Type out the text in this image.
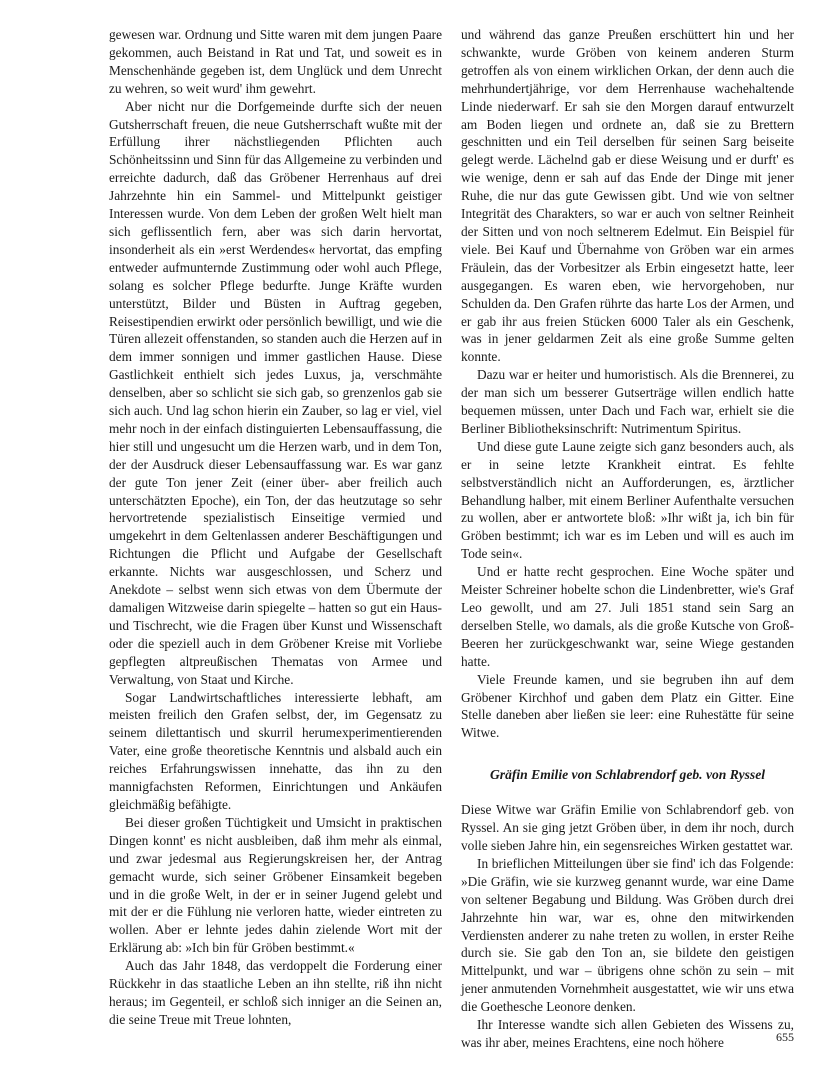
gewesen war. Ordnung und Sitte waren mit dem jungen Paare gekommen, auch Beistand in Rat und Tat, und soweit es in Menschenhände gegeben ist, dem Unglück und dem Unrecht zu wehren, so weit wurd' ihm gewehrt.

Aber nicht nur die Dorfgemeinde durfte sich der neuen Gutsherrschaft freuen, die neue Gutsherrschaft wußte mit der Erfüllung ihrer nächstliegenden Pflichten auch Schönheitssinn und Sinn für das Allgemeine zu verbinden und erreichte dadurch, daß das Gröbener Herrenhaus auf drei Jahrzehnte hin ein Sammel- und Mittelpunkt geistiger Interessen wurde. Von dem Leben der großen Welt hielt man sich geflissentlich fern, aber was sich darin hervortat, insonderheit als ein »erst Werdendes« hervortat, das empfing entweder aufmunternde Zustimmung oder wohl auch Pflege, solang es solcher Pflege bedurfte. Junge Kräfte wurden unterstützt, Bilder und Büsten in Auftrag gegeben, Reisestipendien erwirkt oder persönlich bewilligt, und wie die Türen allezeit offenstanden, so standen auch die Herzen auf in dem immer sonnigen und immer gastlichen Hause. Diese Gastlichkeit enthielt sich jedes Luxus, ja, verschmähte denselben, aber so schlicht sie sich gab, so grenzenlos gab sie sich auch. Und lag schon hierin ein Zauber, so lag er viel, viel mehr noch in der einfach distinguierten Lebensauffassung, die hier still und ungesucht um die Herzen warb, und in dem Ton, der der Ausdruck dieser Lebensauffassung war. Es war ganz der gute Ton jener Zeit (einer über- aber freilich auch unterschätzten Epoche), ein Ton, der das heutzutage so sehr hervortretende spezialistisch Einseitige vermied und umgekehrt in dem Geltenlassen anderer Beschäftigungen und Richtungen die Pflicht und Aufgabe der Gesellschaft erkannte. Nichts war ausgeschlossen, und Scherz und Anekdote – selbst wenn sich etwas von dem Übermute der damaligen Witzweise darin spiegelte – hatten so gut ein Haus- und Tischrecht, wie die Fragen über Kunst und Wissenschaft oder die speziell auch in dem Gröbener Kreise mit Vorliebe gepflegten altpreußischen Thematas von Armee und Verwaltung, von Staat und Kirche.

Sogar Landwirtschaftliches interessierte lebhaft, am meisten freilich den Grafen selbst, der, im Gegensatz zu seinem dilettantisch und skurril herumexperimentierenden Vater, eine große theoretische Kenntnis und alsbald auch ein reiches Erfahrungswissen innehatte, das ihn zu den mannigfachsten Reformen, Einrichtungen und Ankäufen gleichmäßig befähigte.

Bei dieser großen Tüchtigkeit und Umsicht in praktischen Dingen konnt' es nicht ausbleiben, daß ihm mehr als einmal, und zwar jedesmal aus Regierungskreisen her, der Antrag gemacht wurde, sich seiner Gröbener Einsamkeit begeben und in die große Welt, in der er in seiner Jugend gelebt und mit der er die Fühlung nie verloren hatte, wieder eintreten zu wollen. Aber er lehnte jedes dahin zielende Wort mit der Erklärung ab: »Ich bin für Gröben bestimmt.«

Auch das Jahr 1848, das verdoppelt die Forderung einer Rückkehr in das staatliche Leben an ihn stellte, riß ihn nicht heraus; im Gegenteil, er schloß sich inniger an die Seinen an, die seine Treue mit Treue lohnten,

und während das ganze Preußen erschüttert hin und her schwankte, wurde Gröben von keinem anderen Sturm getroffen als von einem wirklichen Orkan, der denn auch die mehrhundertjährige, vor dem Herrenhause wachehaltende Linde niederwarf. Er sah sie den Morgen darauf entwurzelt am Boden liegen und ordnete an, daß sie zu Brettern geschnitten und ein Teil derselben für seinen Sarg beiseite gelegt werde. Lächelnd gab er diese Weisung und er durft' es wie wenige, denn er sah auf das Ende der Dinge mit jener Ruhe, die nur das gute Gewissen gibt. Und wie von seltner Integrität des Charakters, so war er auch von seltner Reinheit der Sitten und von noch seltnerem Edelmut. Ein Beispiel für viele. Bei Kauf und Übernahme von Gröben war ein armes Fräulein, das der Vorbesitzer als Erbin eingesetzt hatte, leer ausgegangen. Es waren eben, wie hervorgehoben, nur Schulden da. Den Grafen rührte das harte Los der Armen, und er gab ihr aus freien Stücken 6000 Taler als ein Geschenk, was in jener geldarmen Zeit als eine große Summe gelten konnte.

Dazu war er heiter und humoristisch. Als die Brennerei, zu der man sich um besserer Gutserträge willen endlich hatte bequemen müssen, unter Dach und Fach war, erhielt sie die Berliner Bibliotheksinschrift: Nutrimentum Spiritus.

Und diese gute Laune zeigte sich ganz besonders auch, als er in seine letzte Krankheit eintrat. Es fehlte selbstverständlich nicht an Aufforderungen, es, ärztlicher Behandlung halber, mit einem Berliner Aufenthalte versuchen zu wollen, aber er antwortete bloß: »Ihr wißt ja, ich bin für Gröben bestimmt; ich war es im Leben und will es auch im Tode sein«.

Und er hatte recht gesprochen. Eine Woche später und Meister Schreiner hobelte schon die Lindenbretter, wie's Graf Leo gewollt, und am 27. Juli 1851 stand sein Sarg an derselben Stelle, wo damals, als die große Kutsche von Groß-Beeren her zurückgeschwankt war, seine Wiege gestanden hatte.

Viele Freunde kamen, und sie begruben ihn auf dem Gröbener Kirchhof und gaben dem Platz ein Gitter. Eine Stelle daneben aber ließen sie leer: eine Ruhestätte für seine Witwe.

Gräfin Emilie von Schlabrendorf geb. von Ryssel

Diese Witwe war Gräfin Emilie von Schlabrendorf geb. von Ryssel. An sie ging jetzt Gröben über, in dem ihr noch, durch volle sieben Jahre hin, ein segensreiches Wirken gestattet war.

In brieflichen Mitteilungen über sie find' ich das Folgende: »Die Gräfin, wie sie kurzweg genannt wurde, war eine Dame von seltener Begabung und Bildung. Was Gröben durch drei Jahrzehnte hin war, war es, ohne den mitwirkenden Verdiensten anderer zu nahe treten zu wollen, in erster Reihe durch sie. Sie gab den Ton an, sie bildete den geistigen Mittelpunkt, und war – übrigens ohne schön zu sein – mit jener anmutenden Vornehmheit ausgestattet, wie wir uns etwa die Goethesche Leonore denken.

Ihr Interesse wandte sich allen Gebieten des Wissens zu, was ihr aber, meines Erachtens, eine noch höhere	655
